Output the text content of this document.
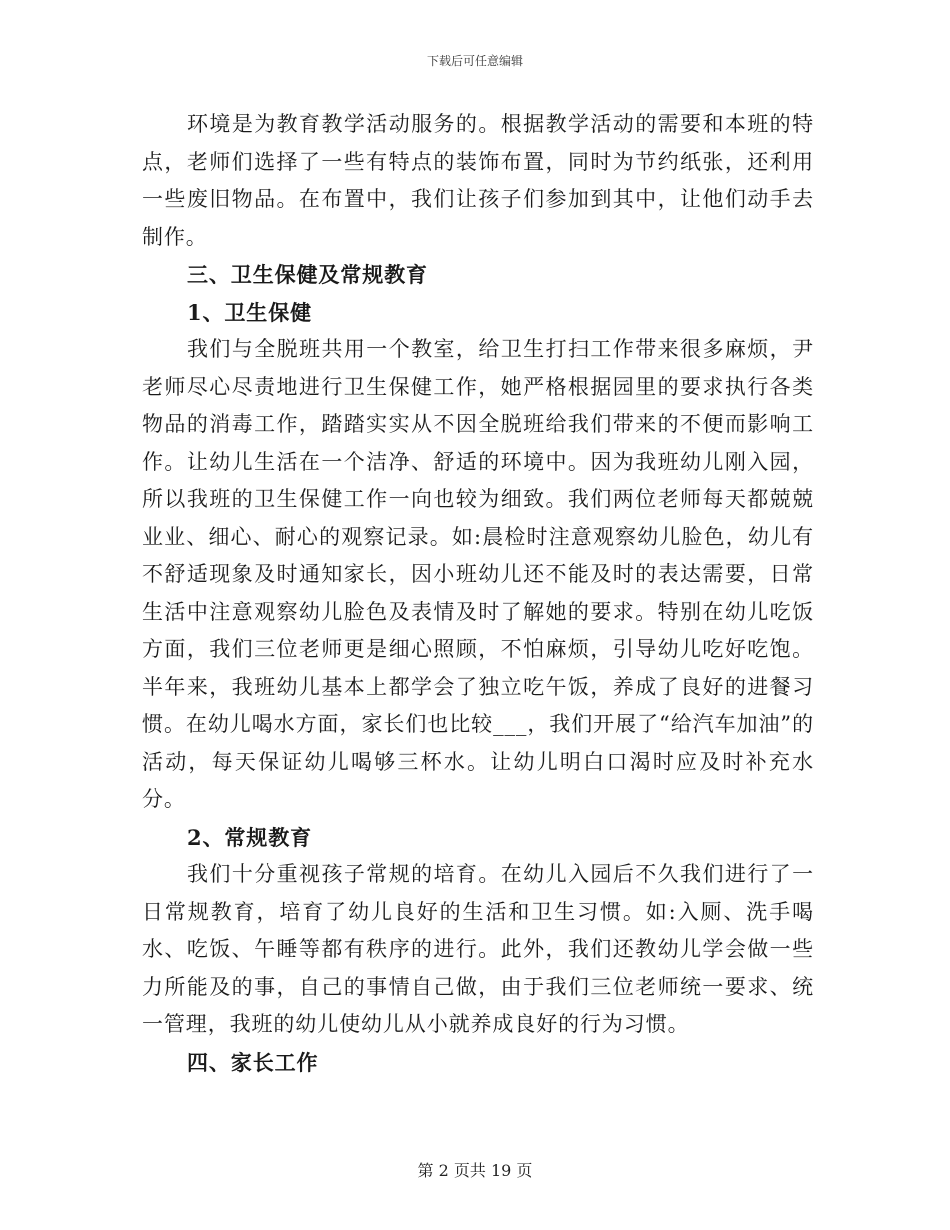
下载后可任意编辑

环境是为教育教学活动服务的。根据教学活动的需要和本班的特点，老师们选择了一些有特点的装饰布置，同时为节约纸张，还利用一些废旧物品。在布置中，我们让孩子们参加到其中，让他们动手去制作。

三、卫生保健及常规教育

1、卫生保健

我们与全脱班共用一个教室，给卫生打扫工作带来很多麻烦，尹老师尽心尽责地进行卫生保健工作，她严格根据园里的要求执行各类物品的消毒工作，踏踏实实从不因全脱班给我们带来的不便而影响工作。让幼儿生活在一个洁净、舒适的环境中。因为我班幼儿刚入园，所以我班的卫生保健工作一向也较为细致。我们两位老师每天都兢兢业业、细心、耐心的观察记录。如:晨检时注意观察幼儿脸色，幼儿有不舒适现象及时通知家长，因小班幼儿还不能及时的表达需要，日常生活中注意观察幼儿脸色及表情及时了解她的要求。特别在幼儿吃饭方面，我们三位老师更是细心照顾，不怕麻烦，引导幼儿吃好吃饱。半年来，我班幼儿基本上都学会了独立吃午饭，养成了良好的进餐习惯。在幼儿喝水方面，家长们也比较___，我们开展了“给汽车加油”的活动，每天保证幼儿喝够三杯水。让幼儿明白口渴时应及时补充水分。

2、常规教育

我们十分重视孩子常规的培育。在幼儿入园后不久我们进行了一日常规教育，培育了幼儿良好的生活和卫生习惯。如:入厕、洗手喝水、吃饭、午睡等都有秩序的进行。此外，我们还教幼儿学会做一些力所能及的事，自己的事情自己做，由于我们三位老师统一要求、统一管理，我班的幼儿使幼儿从小就养成良好的行为习惯。

四、家长工作

第 2 页共 19 页
